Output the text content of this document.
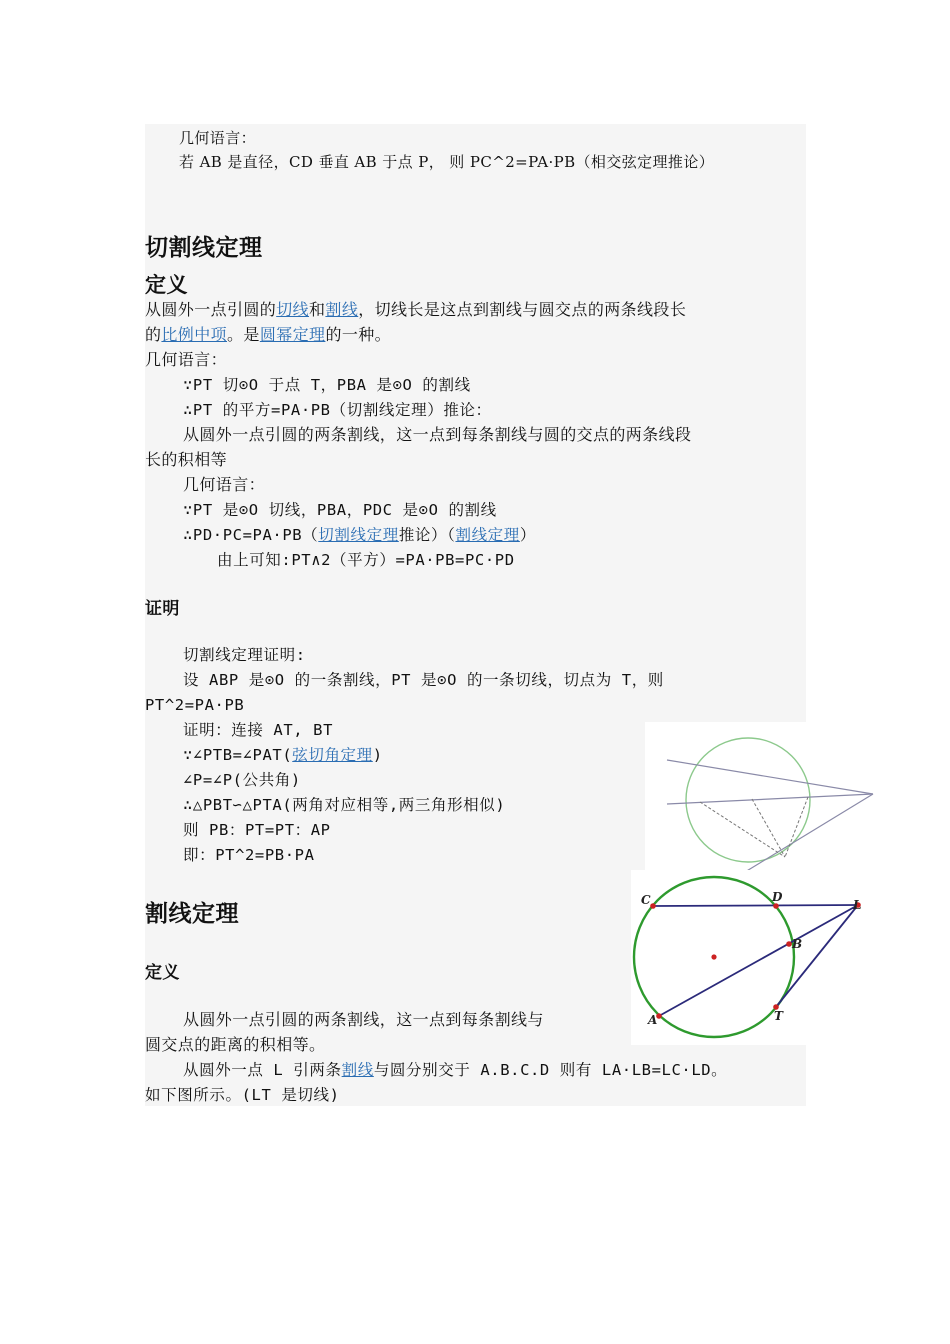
几何语言：
若 AB 是直径，CD 垂直 AB 于点 P， 则 PC^2=PA·PB（相交弦定理推论）
切割线定理
定义
从圆外一点引圆的切线和割线，切线长是这点到割线与圆交点的两条线段长
的比例中项。是圆幂定理的一种。
几何语言：
∵PT 切⊙O 于点 T，PBA 是⊙O 的割线
∴PT 的平方=PA·PB（切割线定理）推论：
从圆外一点引圆的两条割线，这一点到每条割线与圆的交点的两条线段
长的积相等
几何语言：
∵PT 是⊙O 切线，PBA，PDC 是⊙O 的割线
∴PD·PC=PA·PB（切割线定理推论）（割线定理）
由上可知:PT∧2（平方）=PA·PB=PC·PD
证明
切割线定理证明:
设 ABP 是⊙O 的一条割线，PT 是⊙O 的一条切线，切点为 T，则
PT^2=PA·PB
证明：连接 AT, BT
∵∠PTB=∠PAT(弦切角定理)
∠P=∠P(公共角)
∴△PBT∽△PTA(两角对应相等,两三角形相似)
则 PB：PT=PT：AP
即：PT^2=PB·PA
割线定理
定义
从圆外一点引圆的两条割线，这一点到每条割线与
圆交点的距离的积相等。
从圆外一点 L 引两条割线与圆分别交于 A.B.C.D 则有 LA·LB=LC·LD。
如下图所示。(LT 是切线)
C	D
L
B
A	T
